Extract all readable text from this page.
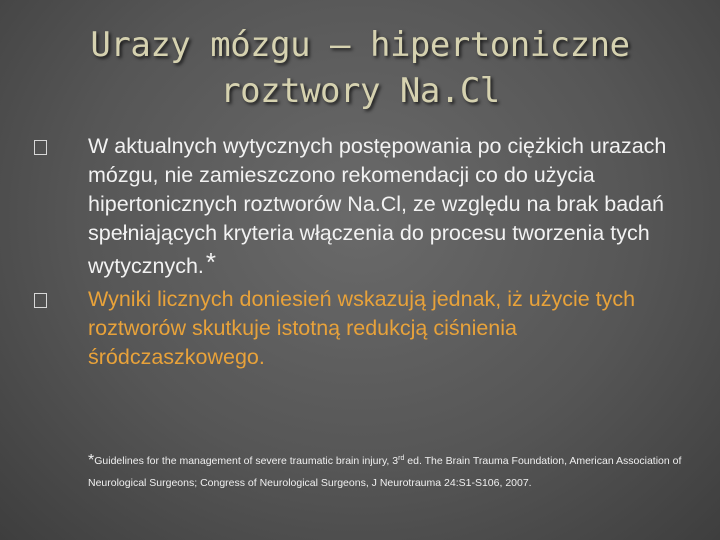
Urazy mózgu – hipertoniczne
roztwory Na.Cl
W aktualnych wytycznych postępowania po ciężkich urazach mózgu, nie zamieszczono rekomendacji co do użycia hipertonicznych roztworów Na.Cl, ze względu na brak badań spełniających kryteria włączenia do procesu tworzenia tych wytycznych.*
Wyniki licznych doniesień wskazują jednak, iż użycie tych roztworów skutkuje istotną redukcją ciśnienia śródczaszkowego.
*Guidelines for the management of severe traumatic brain injury, 3rd ed. The Brain Trauma Foundation, American Association of Neurological Surgeons; Congress of Neurological Surgeons, J Neurotrauma 24:S1-S106, 2007.
